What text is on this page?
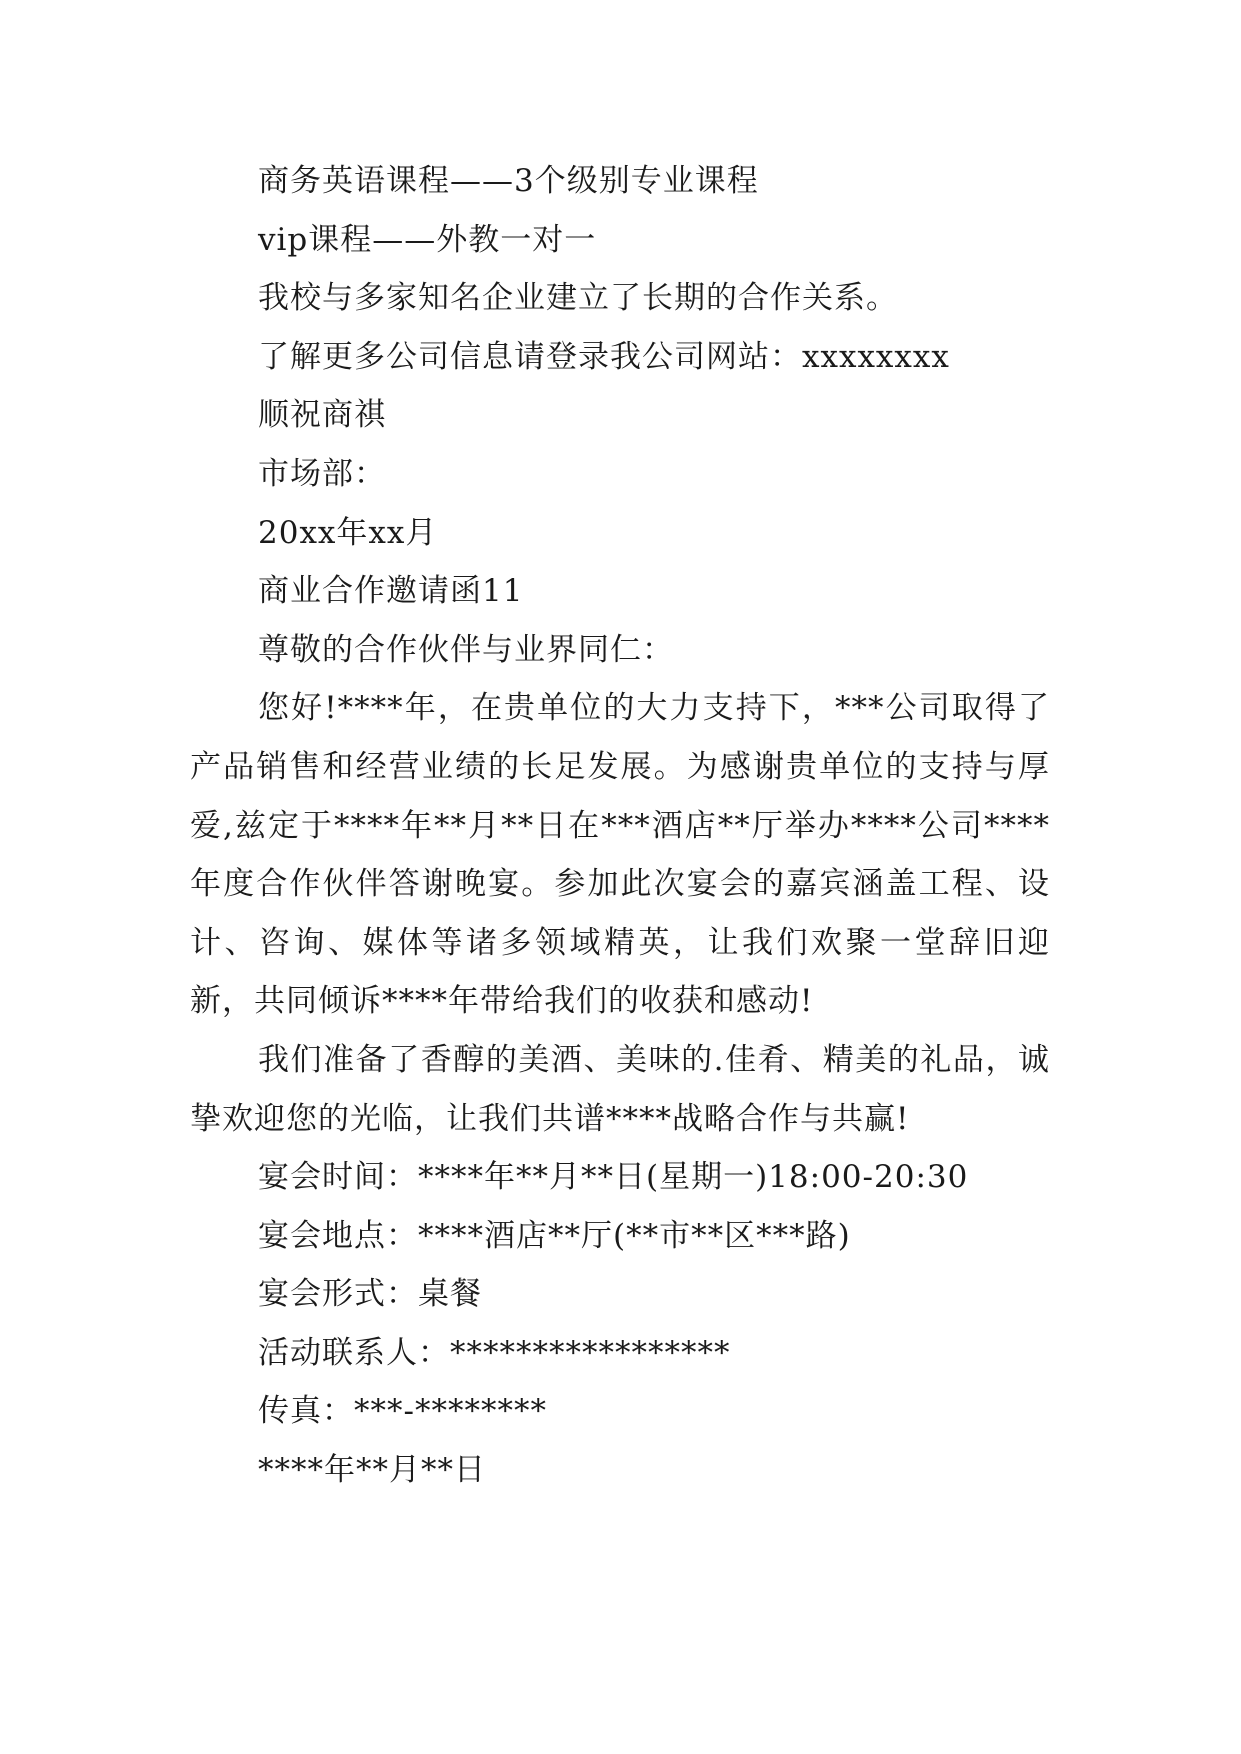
商务英语课程——3个级别专业课程

vip课程——外教一对一

我校与多家知名企业建立了长期的合作关系。

了解更多公司信息请登录我公司网站：xxxxxxxx

顺祝商祺

市场部：

20xx年xx月

商业合作邀请函11

尊敬的合作伙伴与业界同仁：

您好!****年，在贵单位的大力支持下，***公司取得了产品销售和经营业绩的长足发展。为感谢贵单位的支持与厚爱,兹定于****年**月**日在***酒店**厅举办****公司****年度合作伙伴答谢晚宴。参加此次宴会的嘉宾涵盖工程、设计、咨询、媒体等诸多领域精英，让我们欢聚一堂辞旧迎新，共同倾诉****年带给我们的收获和感动!

我们准备了香醇的美酒、美味的.佳肴、精美的礼品，诚挚欢迎您的光临，让我们共谱****战略合作与共赢!

宴会时间：****年**月**日(星期一)18:00-20:30

宴会地点：****酒店**厅(**市**区***路)

宴会形式：桌餐

活动联系人：*****************

传真：***-********

****年**月**日
